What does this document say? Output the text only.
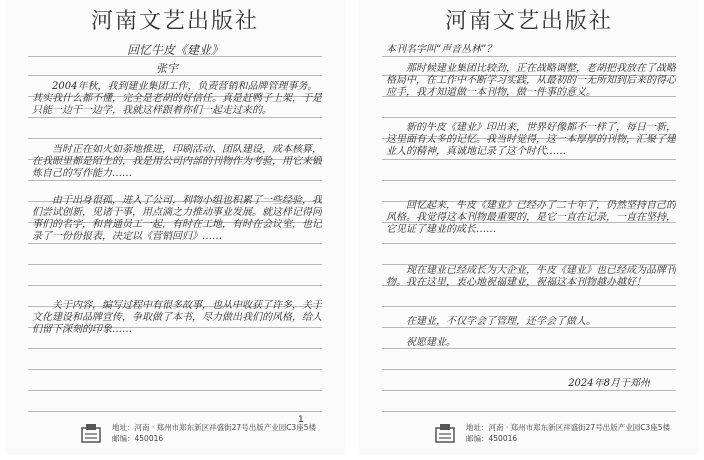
河南文艺出版社
回忆牛皮《建业》
张宇
2004年秋，我到建业集团工作，负责营销和品牌管理事务。其实我什么都不懂，完全是老胡的好信任。真是赶鸭子上架，于是只能一边干一边学，我就这样跟着你们一起走过来的。
当时正在如火如荼地推进，印刷活动、团队建设，成本核算，在我眼里都是陌生的，我是用公司内部的刊物作为考验，用它来锻炼自己的写作能力……
由于出身很孤，进入了公司，利物小组也积累了一些经验，我们尝试创新，见诸于事，用点滴之力推动事业发展。就这样记得同事们的名字，和普通员工一起，有时在工地，有时在会议室，也记录了一份份报表，决定以《营销回归》……
关于内容，编写过程中有很多故事，也从中收获了许多，关于文化建设和品牌宣传，争取做了本书，尽力做出我们的风格，给人们留下深刻的印象……
1
地址：河南 · 郑州市郑东新区祥盛街27号出版产业园C3座5楼
邮编：450016
河南文艺出版社
本刊名字叫“声音丛林”？
那时候建业集团比较劲，正在战略调整，老胡把我放在了战略格局中，在工作中不断学习实践，从最初的一无所知到后来的得心应手，我才知道做一本刊物，做一件事的意义。
新的牛皮《建业》印出来，世界好像都不一样了，每日一新，这里面有太多的记忆。我当时觉得，这一本厚厚的刊物，汇聚了建业人的精神，真诚地记录了这个时代……
回忆起来，牛皮《建业》已经办了二十年了，仍然坚持自己的风格。我觉得这本刊物最重要的，是它一直在记录，一直在坚持，它见证了建业的成长……
现在建业已经成长为大企业，牛皮《建业》也已经成为品牌刊物。我在这里，衷心地祝福建业，祝福这本刊物越办越好！
在建业，不仅学会了管理，还学会了做人。
祝愿建业。
2024年8月于郑州
地址：河南 · 郑州市郑东新区祥盛街27号出版产业园C3座5楼
邮编：450016
